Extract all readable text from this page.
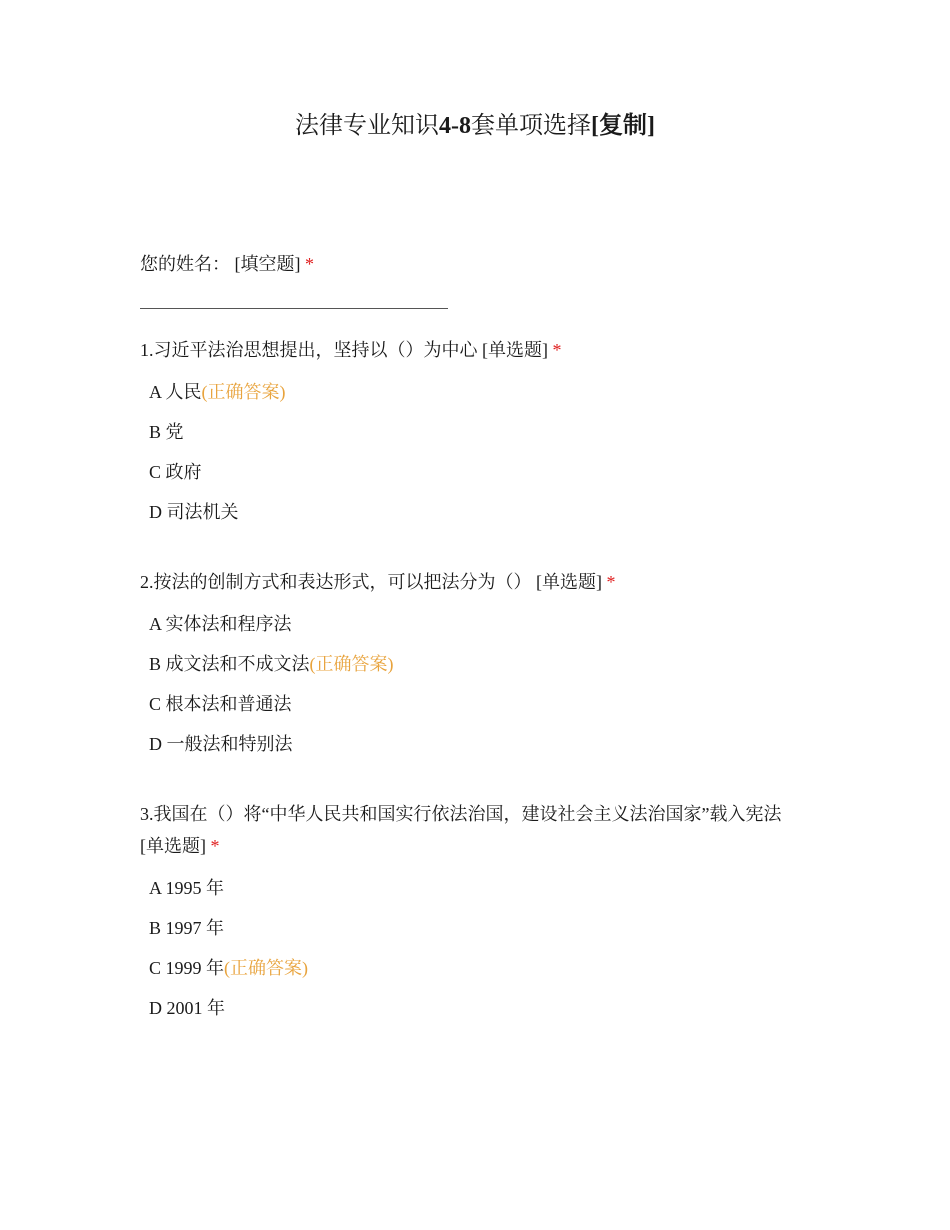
法律专业知识4-8套单项选择[复制]

您的姓名： [填空题] *

1.习近平法治思想提出，坚持以（）为中心 [单选题] *

A 人民(正确答案)
B 党
C 政府
D 司法机关

2.按法的创制方式和表达形式，可以把法分为（） [单选题] *

A 实体法和程序法
B 成文法和不成文法(正确答案)
C 根本法和普通法
D 一般法和特别法

3.我国在（）将“中华人民共和国实行依法治国，建设社会主义法治国家”载入宪法
[单选题] *

A 1995 年
B 1997 年
C 1999 年(正确答案)
D 2001 年
